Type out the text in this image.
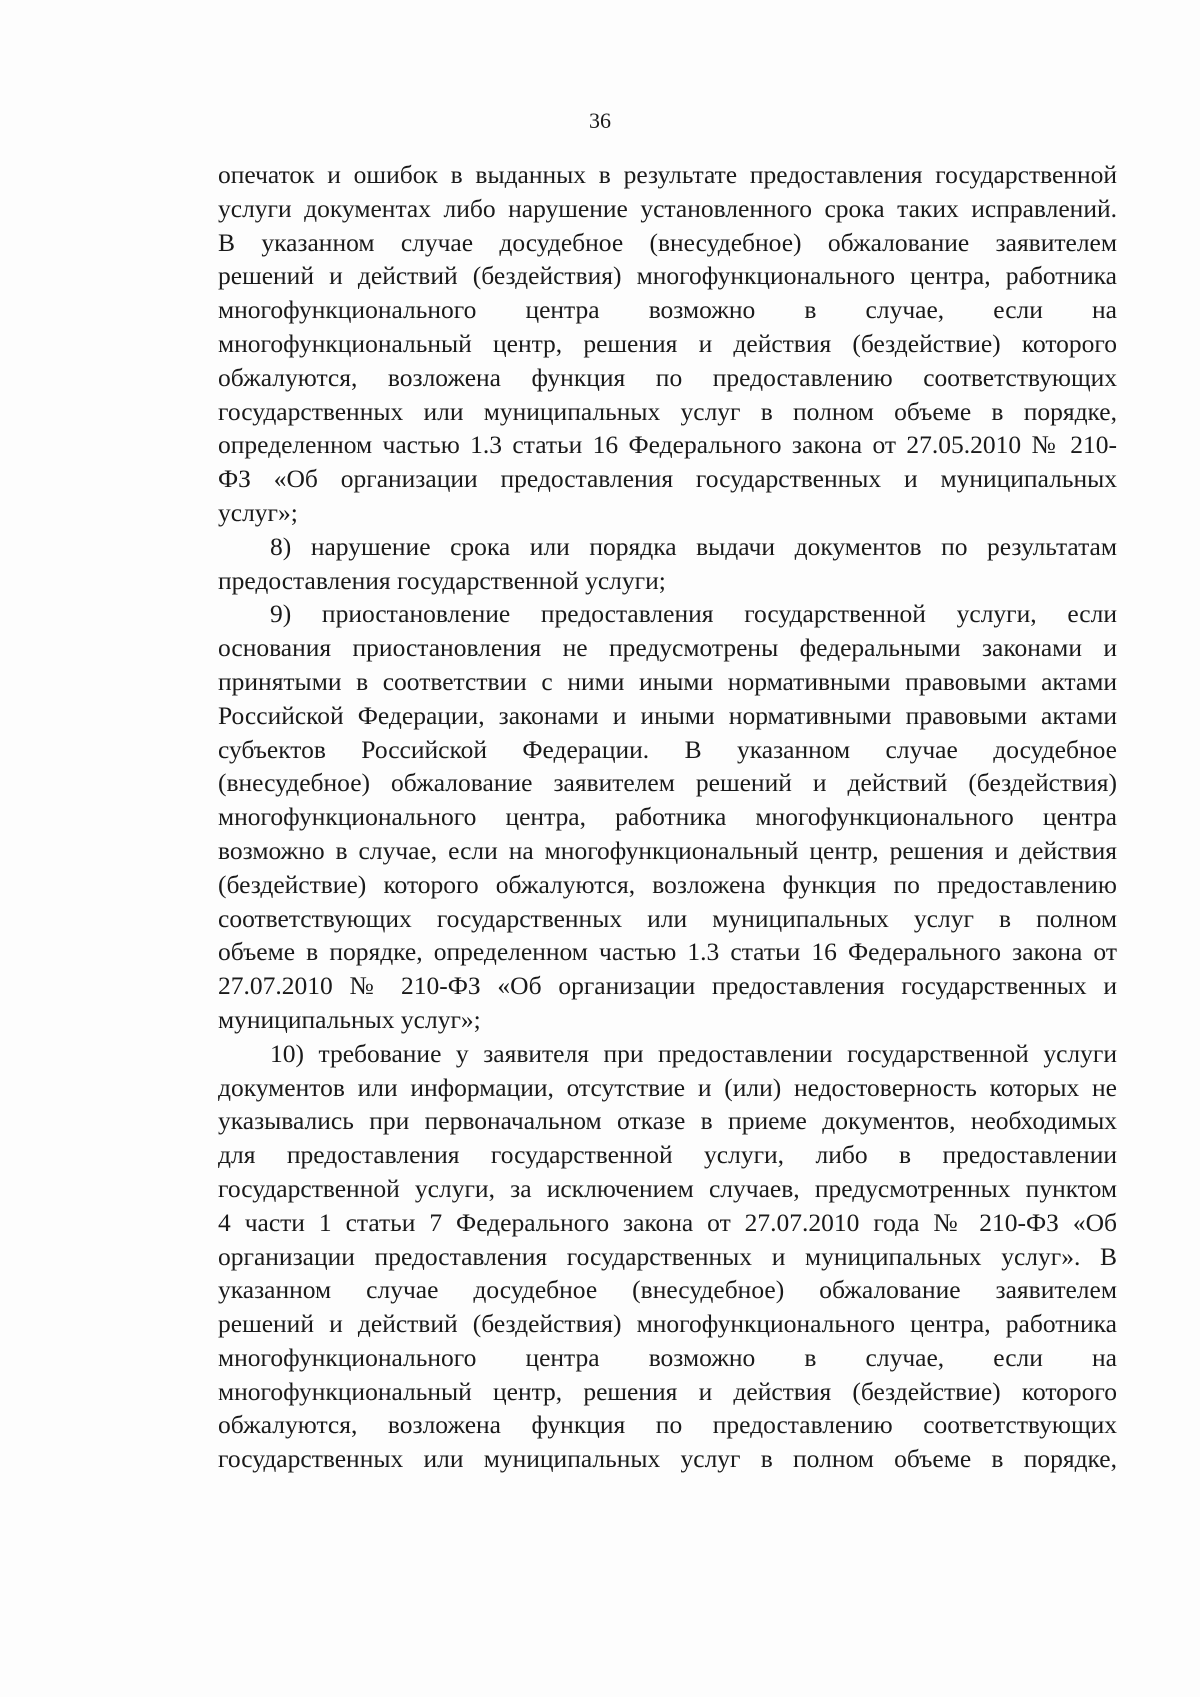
36
опечаток и ошибок в выданных в результате предоставления государственной
услуги документах либо нарушение установленного срока таких исправлений.
В указанном случае досудебное (внесудебное) обжалование заявителем
решений и действий (бездействия) многофункционального центра, работника
многофункционального центра возможно в случае, если на
многофункциональный центр, решения и действия (бездействие) которого
обжалуются, возложена функция по предоставлению соответствующих
государственных или муниципальных услуг в полном объеме в порядке,
определенном частью 1.3 статьи 16 Федерального закона от 27.05.2010 № 210-
ФЗ «Об организации предоставления государственных и муниципальных
услуг»;
8) нарушение срока или порядка выдачи документов по результатам
предоставления государственной услуги;
9) приостановление предоставления государственной услуги, если
основания приостановления не предусмотрены федеральными законами и
принятыми в соответствии с ними иными нормативными правовыми актами
Российской Федерации, законами и иными нормативными правовыми актами
субъектов Российской Федерации. В указанном случае досудебное
(внесудебное) обжалование заявителем решений и действий (бездействия)
многофункционального центра, работника многофункционального центра
возможно в случае, если на многофункциональный центр, решения и действия
(бездействие) которого обжалуются, возложена функция по предоставлению
соответствующих государственных или муниципальных услуг в полном
объеме в порядке, определенном частью 1.3 статьи 16 Федерального закона от
27.07.2010 № 210-ФЗ «Об организации предоставления государственных и
муниципальных услуг»;
10) требование у заявителя при предоставлении государственной услуги
документов или информации, отсутствие и (или) недостоверность которых не
указывались при первоначальном отказе в приеме документов, необходимых
для предоставления государственной услуги, либо в предоставлении
государственной услуги, за исключением случаев, предусмотренных пунктом
4 части 1 статьи 7 Федерального закона от 27.07.2010 года № 210-ФЗ «Об
организации предоставления государственных и муниципальных услуг». В
указанном случае досудебное (внесудебное) обжалование заявителем
решений и действий (бездействия) многофункционального центра, работника
многофункционального центра возможно в случае, если на
многофункциональный центр, решения и действия (бездействие) которого
обжалуются, возложена функция по предоставлению соответствующих
государственных или муниципальных услуг в полном объеме в порядке,
